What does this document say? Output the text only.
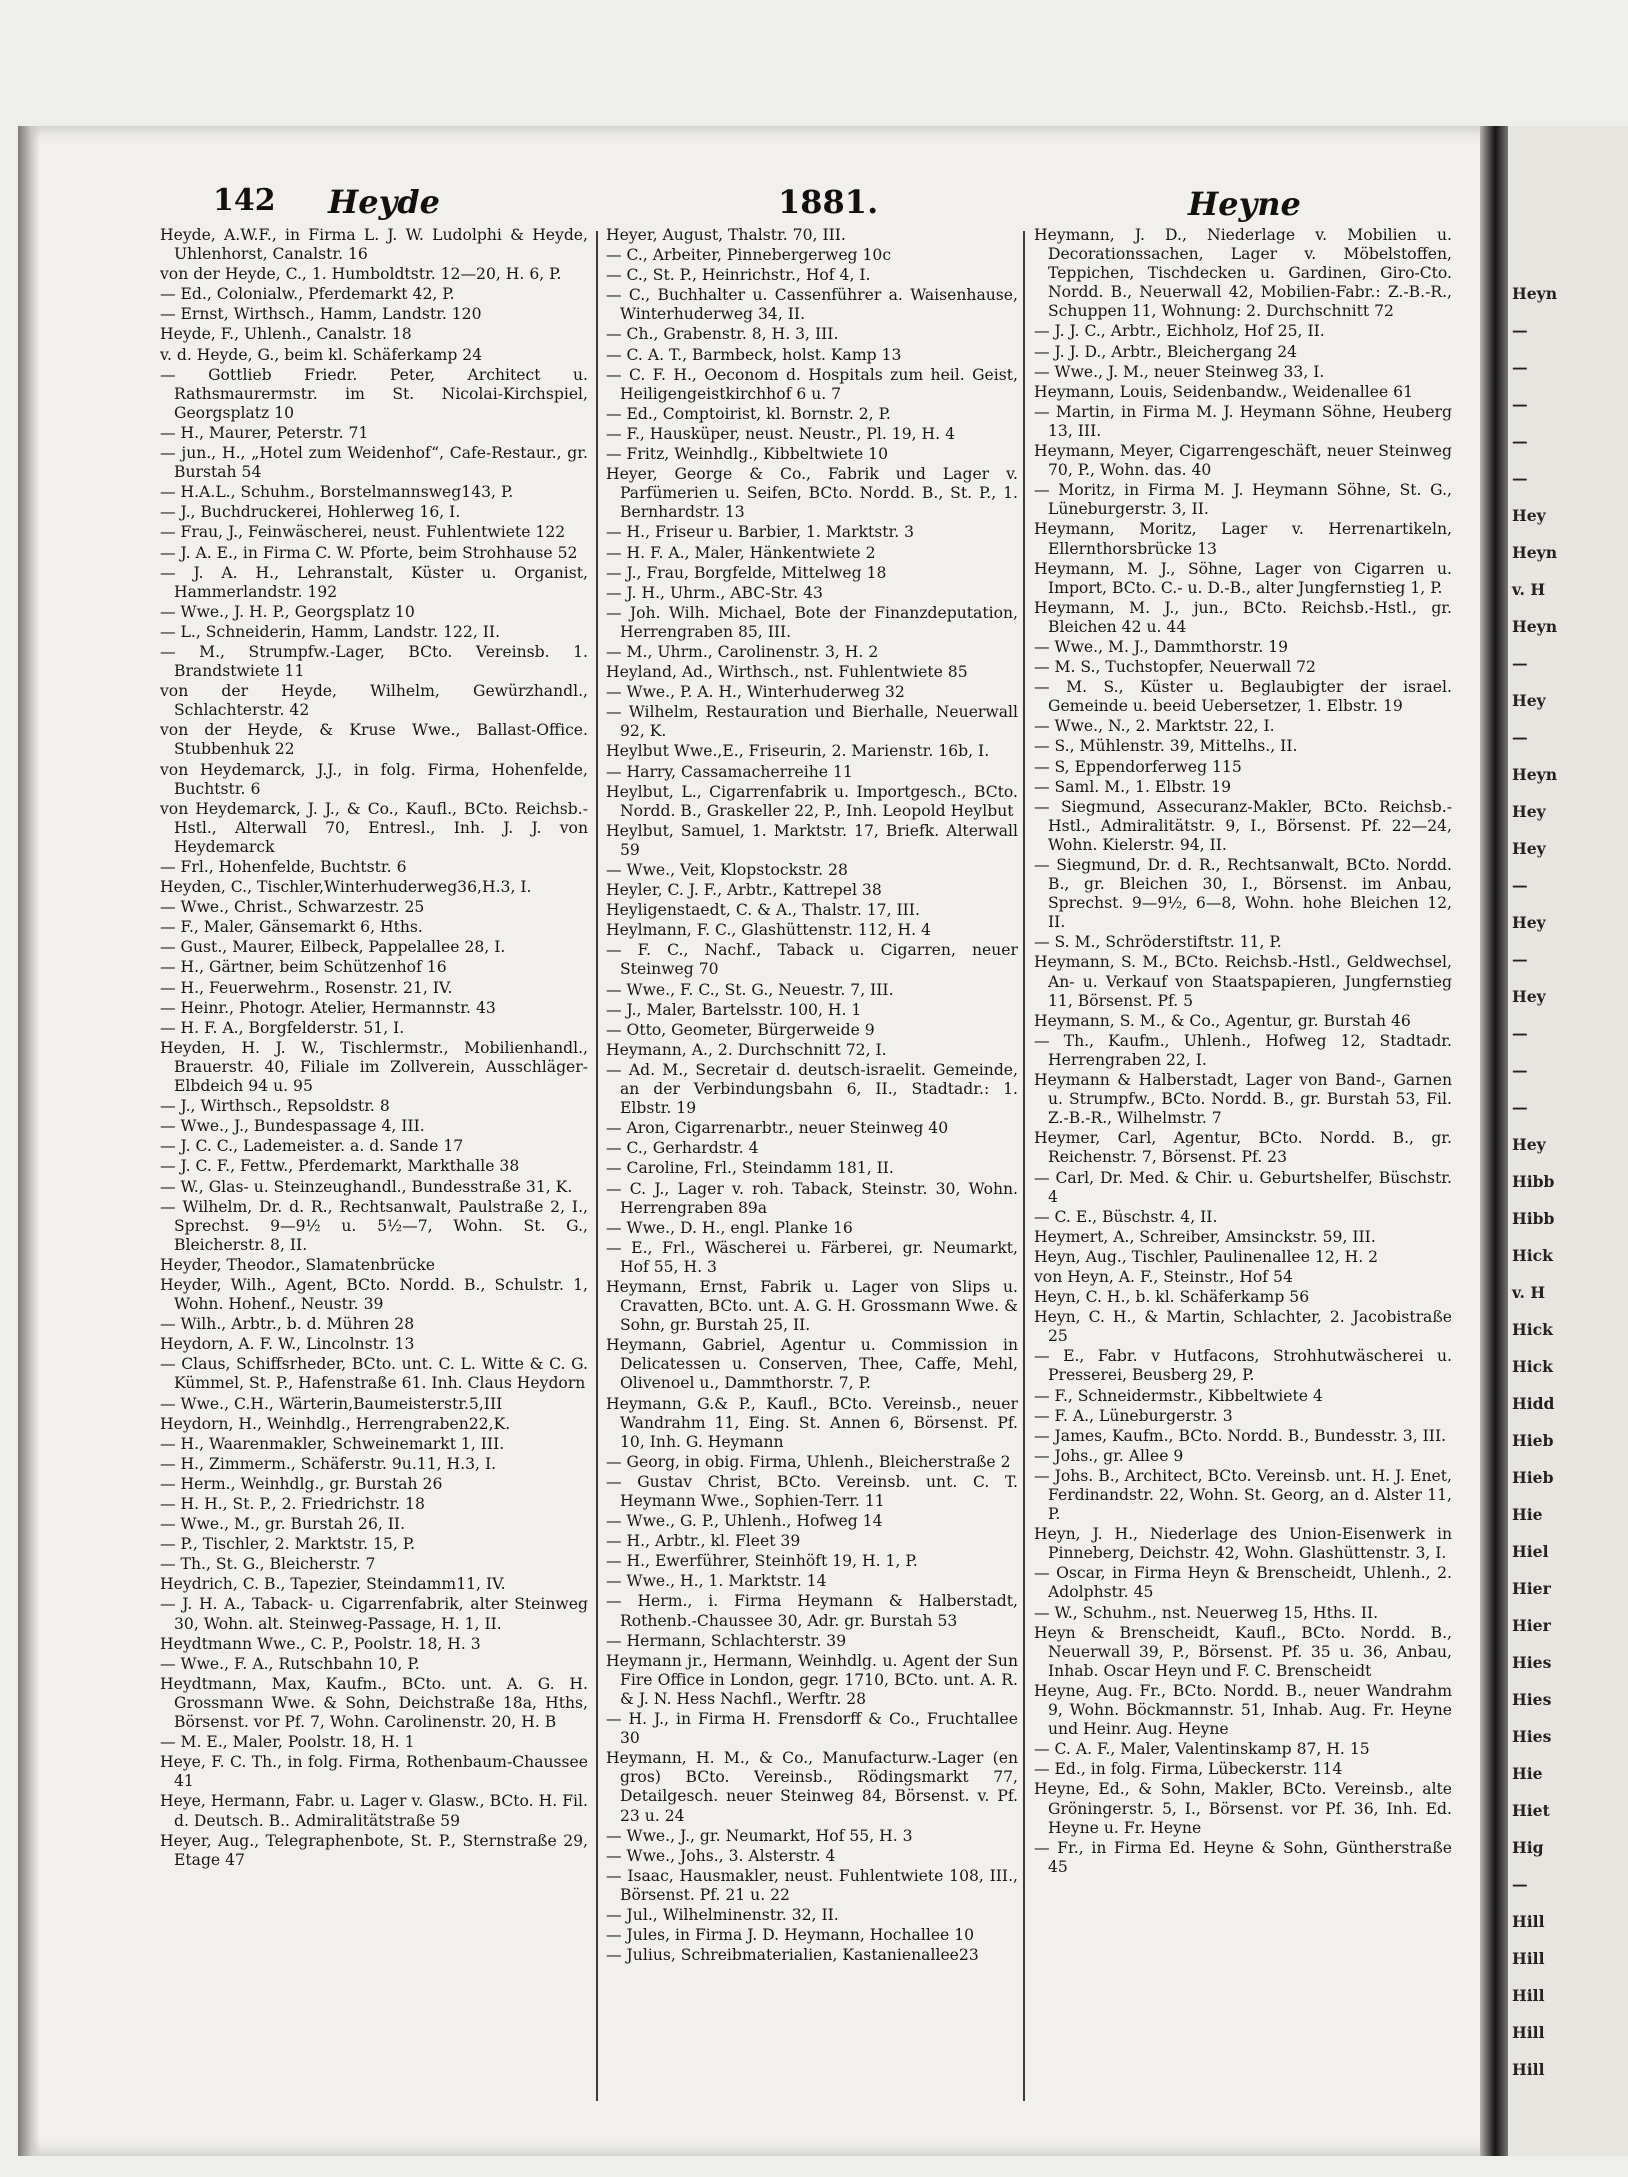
142 Heyde	1881.	Heyne
Heyde, A.W.F., in Firma L. J. W. Ludolphi & Heyde, Uhlenhorst, Canalstr. 16
von der Heyde, C., 1. Humboldtstr. 12—20, H. 6, P.
— Ed., Colonialw., Pferdemarkt 42, P.
— Ernst, Wirthsch., Hamm, Landstr. 120
Heyde, F., Uhlenh., Canalstr. 18
v. d. Heyde, G., beim kl. Schäferkamp 24
— Gottlieb Friedr. Peter, Architect u. Rathsmaurermstr. im St. Nicolai-Kirchspiel, Georgsplatz 10
— H., Maurer, Peterstr. 71
— jun., H., „Hotel zum Weidenhof“, Cafe-Restaur., gr. Burstah 54
— H.A.L., Schuhm., Borstelmannsweg143, P.
— J., Buchdruckerei, Hohlerweg 16, I.
— Frau, J., Feinwäscherei, neust. Fuhlentwiete 122
— J. A. E., in Firma C. W. Pforte, beim Strohhause 52
— J. A. H., Lehranstalt, Küster u. Organist, Hammerlandstr. 192
— Wwe., J. H. P., Georgsplatz 10
— L., Schneiderin, Hamm, Landstr. 122, II.
— M., Strumpfw.-Lager, BCto. Vereinsb. 1. Brandstwiete 11
von der Heyde, Wilhelm, Gewürzhandl., Schlachterstr. 42
von der Heyde, & Kruse Wwe., Ballast-Office. Stubbenhuk 22
von Heydemarck, J.J., in folg. Firma, Hohenfelde, Buchtstr. 6
von Heydemarck, J. J., & Co., Kaufl., BCto. Reichsb.-Hstl., Alterwall 70, Entresl., Inh. J. J. von Heydemarck
— Frl., Hohenfelde, Buchtstr. 6
Heyden, C., Tischler,Winterhuderweg36,H.3, I.
— Wwe., Christ., Schwarzestr. 25
— F., Maler, Gänsemarkt 6, Hths.
— Gust., Maurer, Eilbeck, Pappelallee 28, I.
— H., Gärtner, beim Schützenhof 16
— H., Feuerwehrm., Rosenstr. 21, IV.
— Heinr., Photogr. Atelier, Hermannstr. 43
— H. F. A., Borgfelderstr. 51, I.
Heyden, H. J. W., Tischlermstr., Mobilienhandl., Brauerstr. 40, Filiale im Zollverein, Ausschläger-Elbdeich 94 u. 95
— J., Wirthsch., Repsoldstr. 8
— Wwe., J., Bundespassage 4, III.
— J. C. C., Lademeister. a. d. Sande 17
— J. C. F., Fettw., Pferdemarkt, Markthalle 38
— W., Glas- u. Steinzeughandl., Bundesstraße 31, K.
— Wilhelm, Dr. d. R., Rechtsanwalt, Paulstraße 2, I., Sprechst. 9—9½ u. 5½—7, Wohn. St. G., Bleicherstr. 8, II.
Heyder, Theodor., Slamatenbrücke
Heyder, Wilh., Agent, BCto. Nordd. B., Schulstr. 1, Wohn. Hohenf., Neustr. 39
— Wilh., Arbtr., b. d. Mühren 28
Heydorn, A. F. W., Lincolnstr. 13
— Claus, Schiffsrheder, BCto. unt. C. L. Witte & C. G. Kümmel, St. P., Hafenstraße 61. Inh. Claus Heydorn
— Wwe., C.H., Wärterin,Baumeisterstr.5,III
Heydorn, H., Weinhdlg., Herrengraben22,K.
— H., Waarenmakler, Schweinemarkt 1, III.
— H., Zimmerm., Schäferstr. 9u.11, H.3, I.
— Herm., Weinhdlg., gr. Burstah 26
— H. H., St. P., 2. Friedrichstr. 18
— Wwe., M., gr. Burstah 26, II.
— P., Tischler, 2. Marktstr. 15, P.
— Th., St. G., Bleicherstr. 7
Heydrich, C. B., Tapezier, Steindamm11, IV.
— J. H. A., Taback- u. Cigarrenfabrik, alter Steinweg 30, Wohn. alt. Steinweg-Passage, H. 1, II.
Heydtmann Wwe., C. P., Poolstr. 18, H. 3
— Wwe., F. A., Rutschbahn 10, P.
Heydtmann, Max, Kaufm., BCto. unt. A. G. H. Grossmann Wwe. & Sohn, Deichstraße 18a, Hths, Börsenst. vor Pf. 7, Wohn. Carolinenstr. 20, H. B
— M. E., Maler, Poolstr. 18, H. 1
Heye, F. C. Th., in folg. Firma, Rothenbaum-Chaussee 41
Heye, Hermann, Fabr. u. Lager v. Glasw., BCto. H. Fil. d. Deutsch. B.. Admiralitätstraße 59
Heyer, Aug., Telegraphenbote, St. P., Sternstraße 29, Etage 47
Heyer, August, Thalstr. 70, III.
— C., Arbeiter, Pinnebergerweg 10c
— C., St. P., Heinrichstr., Hof 4, I.
— C., Buchhalter u. Cassenführer a. Waisenhause, Winterhuderweg 34, II.
— Ch., Grabenstr. 8, H. 3, III.
— C. A. T., Barmbeck, holst. Kamp 13
— C. F. H., Oeconom d. Hospitals zum heil. Geist, Heiligengeistkirchhof 6 u. 7
— Ed., Comptoirist, kl. Bornstr. 2, P.
— F., Hausküper, neust. Neustr., Pl. 19, H. 4
— Fritz, Weinhdlg., Kibbeltwiete 10
Heyer, George & Co., Fabrik und Lager v. Parfümerien u. Seifen, BCto. Nordd. B., St. P., 1. Bernhardstr. 13
— H., Friseur u. Barbier, 1. Marktstr. 3
— H. F. A., Maler, Hänkentwiete 2
— J., Frau, Borgfelde, Mittelweg 18
— J. H., Uhrm., ABC-Str. 43
— Joh. Wilh. Michael, Bote der Finanzdeputation, Herrengraben 85, III.
— M., Uhrm., Carolinenstr. 3, H. 2
Heyland, Ad., Wirthsch., nst. Fuhlentwiete 85
— Wwe., P. A. H., Winterhuderweg 32
— Wilhelm, Restauration und Bierhalle, Neuerwall 92, K.
Heylbut Wwe.,E., Friseurin, 2. Marienstr. 16b, I.
— Harry, Cassamacherreihe 11
Heylbut, L., Cigarrenfabrik u. Importgesch., BCto. Nordd. B., Graskeller 22, P., Inh. Leopold Heylbut
Heylbut, Samuel, 1. Marktstr. 17, Briefk. Alterwall 59
— Wwe., Veit, Klopstockstr. 28
Heyler, C. J. F., Arbtr., Kattrepel 38
Heyligenstaedt, C. & A., Thalstr. 17, III.
Heylmann, F. C., Glashüttenstr. 112, H. 4
— F. C., Nachf., Taback u. Cigarren, neuer Steinweg 70
— Wwe., F. C., St. G., Neuestr. 7, III.
— J., Maler, Bartelsstr. 100, H. 1
— Otto, Geometer, Bürgerweide 9
Heymann, A., 2. Durchschnitt 72, I.
— Ad. M., Secretair d. deutsch-israelit. Gemeinde, an der Verbindungsbahn 6, II., Stadtadr.: 1. Elbstr. 19
— Aron, Cigarrenarbtr., neuer Steinweg 40
— C., Gerhardstr. 4
— Caroline, Frl., Steindamm 181, II.
— C. J., Lager v. roh. Taback, Steinstr. 30, Wohn. Herrengraben 89a
— Wwe., D. H., engl. Planke 16
— E., Frl., Wäscherei u. Färberei, gr. Neumarkt, Hof 55, H. 3
Heymann, Ernst, Fabrik u. Lager von Slips u. Cravatten, BCto. unt. A. G. H. Grossmann Wwe. & Sohn, gr. Burstah 25, II.
Heymann, Gabriel, Agentur u. Commission in Delicatessen u. Conserven, Thee, Caffe, Mehl, Olivenoel u., Dammthorstr. 7, P.
Heymann, G.& P., Kaufl., BCto. Vereinsb., neuer Wandrahm 11, Eing. St. Annen 6, Börsenst. Pf. 10, Inh. G. Heymann
— Georg, in obig. Firma, Uhlenh., Bleicherstraße 2
— Gustav Christ, BCto. Vereinsb. unt. C. T. Heymann Wwe., Sophien-Terr. 11
— Wwe., G. P., Uhlenh., Hofweg 14
— H., Arbtr., kl. Fleet 39
— H., Ewerführer, Steinhöft 19, H. 1, P.
— Wwe., H., 1. Marktstr. 14
— Herm., i. Firma Heymann & Halberstadt, Rothenb.-Chaussee 30, Adr. gr. Burstah 53
— Hermann, Schlachterstr. 39
Heymann jr., Hermann, Weinhdlg. u. Agent der Sun Fire Office in London, gegr. 1710, BCto. unt. A. R. & J. N. Hess Nachfl., Werftr. 28
— H. J., in Firma H. Frensdorff & Co., Fruchtallee 30
Heymann, H. M., & Co., Manufacturw.-Lager (en gros) BCto. Vereinsb., Rödingsmarkt 77, Detailgesch. neuer Steinweg 84, Börsenst. v. Pf. 23 u. 24
— Wwe., J., gr. Neumarkt, Hof 55, H. 3
— Wwe., Johs., 3. Alsterstr. 4
— Isaac, Hausmakler, neust. Fuhlentwiete 108, III., Börsenst. Pf. 21 u. 22
— Jul., Wilhelminenstr. 32, II.
— Jules, in Firma J. D. Heymann, Hochallee 10
— Julius, Schreibmaterialien, Kastanienallee23
Heymann, J. D., Niederlage v. Mobilien u. Decorationssachen, Lager v. Möbelstoffen, Teppichen, Tischdecken u. Gardinen, Giro-Cto. Nordd. B., Neuerwall 42, Mobilien-Fabr.: Z.-B.-R., Schuppen 11, Wohnung: 2. Durchschnitt 72
— J. J. C., Arbtr., Eichholz, Hof 25, II.
— J. J. D., Arbtr., Bleichergang 24
— Wwe., J. M., neuer Steinweg 33, I.
Heymann, Louis, Seidenbandw., Weidenallee 61
— Martin, in Firma M. J. Heymann Söhne, Heuberg 13, III.
Heymann, Meyer, Cigarrengeschäft, neuer Steinweg 70, P., Wohn. das. 40
— Moritz, in Firma M. J. Heymann Söhne, St. G., Lüneburgerstr. 3, II.
Heymann, Moritz, Lager v. Herrenartikeln, Ellernthorsbrücke 13
Heymann, M. J., Söhne, Lager von Cigarren u. Import, BCto. C.- u. D.-B., alter Jungfernstieg 1, P.
Heymann, M. J., jun., BCto. Reichsb.-Hstl., gr. Bleichen 42 u. 44
— Wwe., M. J., Dammthorstr. 19
— M. S., Tuchstopfer, Neuerwall 72
— M. S., Küster u. Beglaubigter der israel. Gemeinde u. beeid Uebersetzer, 1. Elbstr. 19
— Wwe., N., 2. Marktstr. 22, I.
— S., Mühlenstr. 39, Mittelhs., II.
— S, Eppendorferweg 115
— Saml. M., 1. Elbstr. 19
— Siegmund, Assecuranz-Makler, BCto. Reichsb.-Hstl., Admiralitätstr. 9, I., Börsenst. Pf. 22—24, Wohn. Kielerstr. 94, II.
— Siegmund, Dr. d. R., Rechtsanwalt, BCto. Nordd. B., gr. Bleichen 30, I., Börsenst. im Anbau, Sprechst. 9—9½, 6—8, Wohn. hohe Bleichen 12, II.
— S. M., Schröderstiftstr. 11, P.
Heymann, S. M., BCto. Reichsb.-Hstl., Geldwechsel, An- u. Verkauf von Staatspapieren, Jungfernstieg 11, Börsenst. Pf. 5
Heymann, S. M., & Co., Agentur, gr. Burstah 46
— Th., Kaufm., Uhlenh., Hofweg 12, Stadtadr. Herrengraben 22, I.
Heymann & Halberstadt, Lager von Band-, Garnen u. Strumpfw., BCto. Nordd. B., gr. Burstah 53, Fil. Z.-B.-R., Wilhelmstr. 7
Heymer, Carl, Agentur, BCto. Nordd. B., gr. Reichenstr. 7, Börsenst. Pf. 23
— Carl, Dr. Med. & Chir. u. Geburtshelfer, Büschstr. 4
— C. E., Büschstr. 4, II.
Heymert, A., Schreiber, Amsinckstr. 59, III.
Heyn, Aug., Tischler, Paulinenallee 12, H. 2
von Heyn, A. F., Steinstr., Hof 54
Heyn, C. H., b. kl. Schäferkamp 56
Heyn, C. H., & Martin, Schlachter, 2. Jacobistraße 25
— E., Fabr. v Hutfacons, Strohhutwäscherei u. Presserei, Beusberg 29, P.
— F., Schneidermstr., Kibbeltwiete 4
— F. A., Lüneburgerstr. 3
— James, Kaufm., BCto. Nordd. B., Bundesstr. 3, III.
— Johs., gr. Allee 9
— Johs. B., Architect, BCto. Vereinsb. unt. H. J. Enet, Ferdinandstr. 22, Wohn. St. Georg, an d. Alster 11, P.
Heyn, J. H., Niederlage des Union-Eisenwerk in Pinneberg, Deichstr. 42, Wohn. Glashüttenstr. 3, I.
— Oscar, in Firma Heyn & Brenscheidt, Uhlenh., 2. Adolphstr. 45
— W., Schuhm., nst. Neuerweg 15, Hths. II.
Heyn & Brenscheidt, Kaufl., BCto. Nordd. B., Neuerwall 39, P., Börsenst. Pf. 35 u. 36, Anbau, Inhab. Oscar Heyn und F. C. Brenscheidt
Heyne, Aug. Fr., BCto. Nordd. B., neuer Wandrahm 9, Wohn. Böckmannstr. 51, Inhab. Aug. Fr. Heyne und Heinr. Aug. Heyne
— C. A. F., Maler, Valentinskamp 87, H. 15
— Ed., in folg. Firma, Lübeckerstr. 114
Heyne, Ed., & Sohn, Makler, BCto. Vereinsb., alte Gröningerstr. 5, I., Börsenst. vor Pf. 36, Inh. Ed. Heyne u. Fr. Heyne
— Fr., in Firma Ed. Heyne & Sohn, Güntherstraße 45
Heyn
—
—
—
—
—
Hey
Heyn
v. H
Heyn
—
Hey
—
Heyn
Hey
Hey
—
Hey
—
Hey
—
—
—
Hey
Hibb
Hibb
Hick
v. H
Hick
Hick
Hidd
Hieb
Hieb
Hie
Hiel
Hier
Hier
Hies
Hies
Hies
Hie
Hiet
Hig
—
Hill
Hill
Hill
Hill
Hill
